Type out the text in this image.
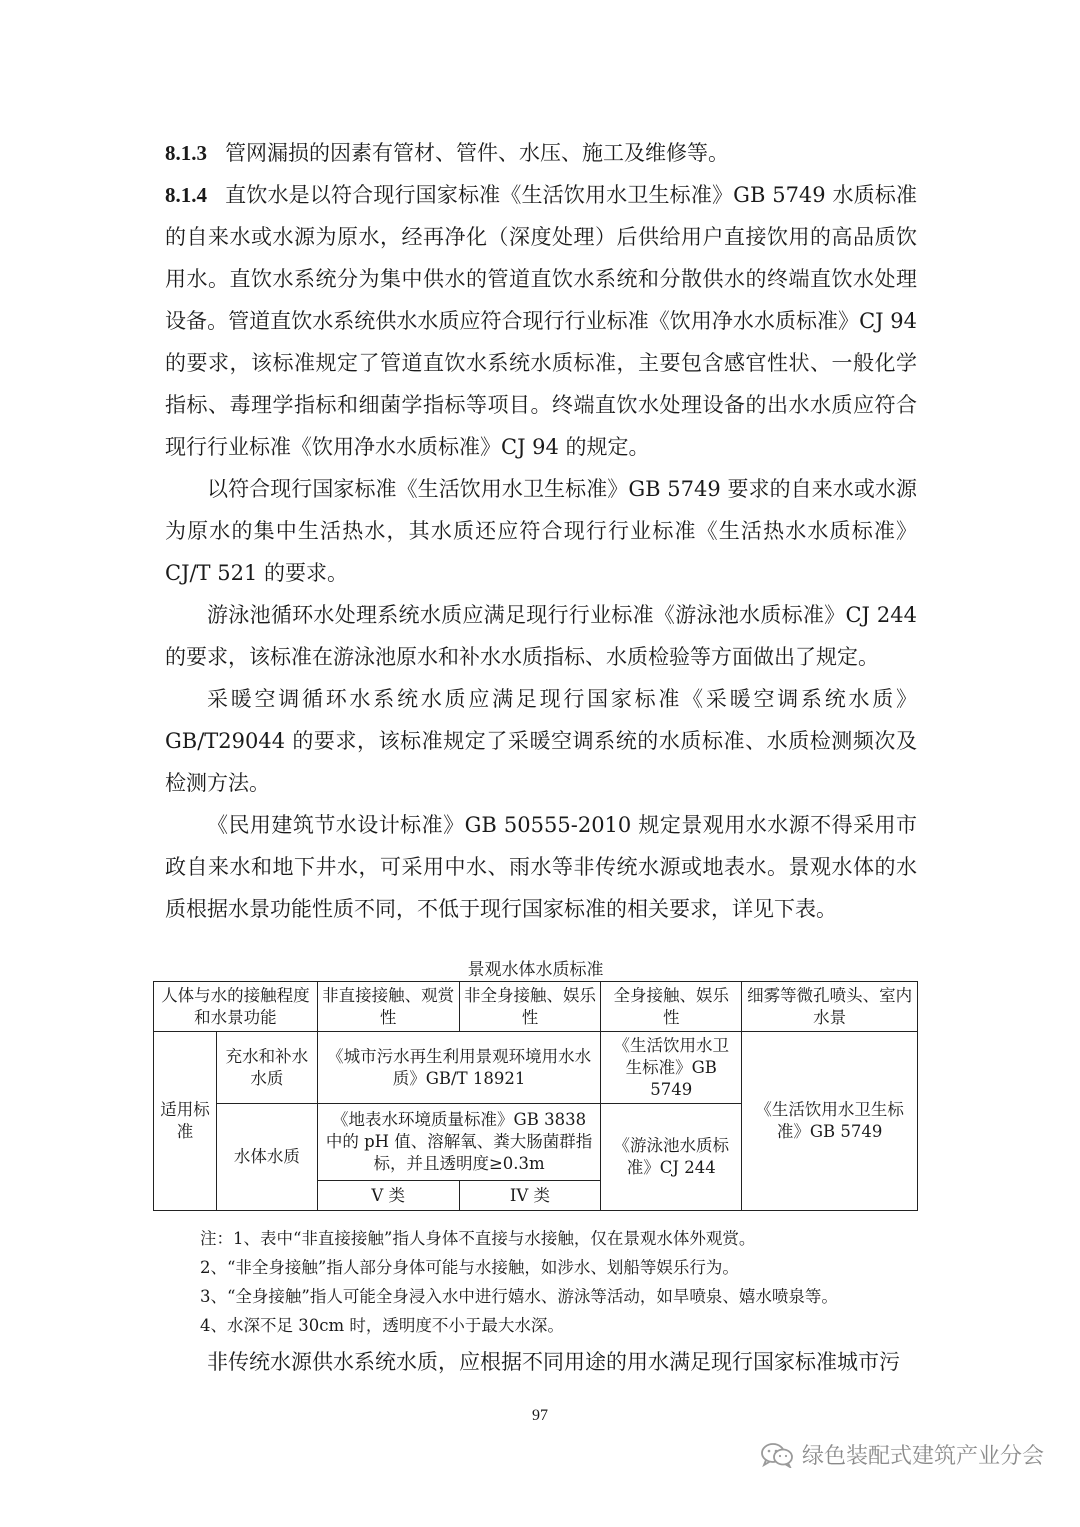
8.1.3 管网漏损的因素有管材、管件、水压、施工及维修等。

8.1.4 直饮水是以符合现行国家标准《生活饮用水卫生标准》GB 5749 水质标准的自来水或水源为原水，经再净化（深度处理）后供给用户直接饮用的高品质饮用水。直饮水系统分为集中供水的管道直饮水系统和分散供水的终端直饮水处理设备。管道直饮水系统供水水质应符合现行行业标准《饮用净水水质标准》CJ 94 的要求，该标准规定了管道直饮水系统水质标准，主要包含感官性状、一般化学指标、毒理学指标和细菌学指标等项目。终端直饮水处理设备的出水水质应符合现行行业标准《饮用净水水质标准》CJ 94 的规定。

以符合现行国家标准《生活饮用水卫生标准》GB 5749 要求的自来水或水源为原水的集中生活热水，其水质还应符合现行行业标准《生活热水水质标准》CJ/T 521 的要求。

游泳池循环水处理系统水质应满足现行行业标准《游泳池水质标准》CJ 244 的要求，该标准在游泳池原水和补水水质指标、水质检验等方面做出了规定。

采暖空调循环水系统水质应满足现行国家标准《采暖空调系统水质》GB/T29044 的要求，该标准规定了采暖空调系统的水质标准、水质检测频次及检测方法。

《民用建筑节水设计标准》GB 50555-2010 规定景观用水水源不得采用市政自来水和地下井水，可采用中水、雨水等非传统水源或地表水。景观水体的水质根据水景功能性质不同，不低于现行国家标准的相关要求，详见下表。

景观水体水质标准
人体与水的接触程度和水景功能		非直接接触、观赏性	非全身接触、娱乐性	全身接触、娱乐性	细雾等微孔喷头、室内水景
适用标准	充水和补水水质	《城市污水再生利用景观环境用水水质》GB/T 18921		《生活饮用水卫生标准》GB 5749	《生活饮用水卫生标准》GB 5749
	水体水质	《地表水环境质量标准》GB 3838 中的 pH 值、溶解氧、粪大肠菌群指标，并且透明度≥0.3m		《游泳池水质标准》CJ 244	
		V 类	IV 类		

注：1、表中“非直接接触”指人身体不直接与水接触，仅在景观水体外观赏。

2、“非全身接触”指人部分身体可能与水接触，如涉水、划船等娱乐行为。

3、“全身接触”指人可能全身浸入水中进行嬉水、游泳等活动，如旱喷泉、嬉水喷泉等。

4、水深不足 30cm 时，透明度不小于最大水深。

非传统水源供水系统水质，应根据不同用途的用水满足现行国家标准城市污
97
绿色装配式建筑产业分会
